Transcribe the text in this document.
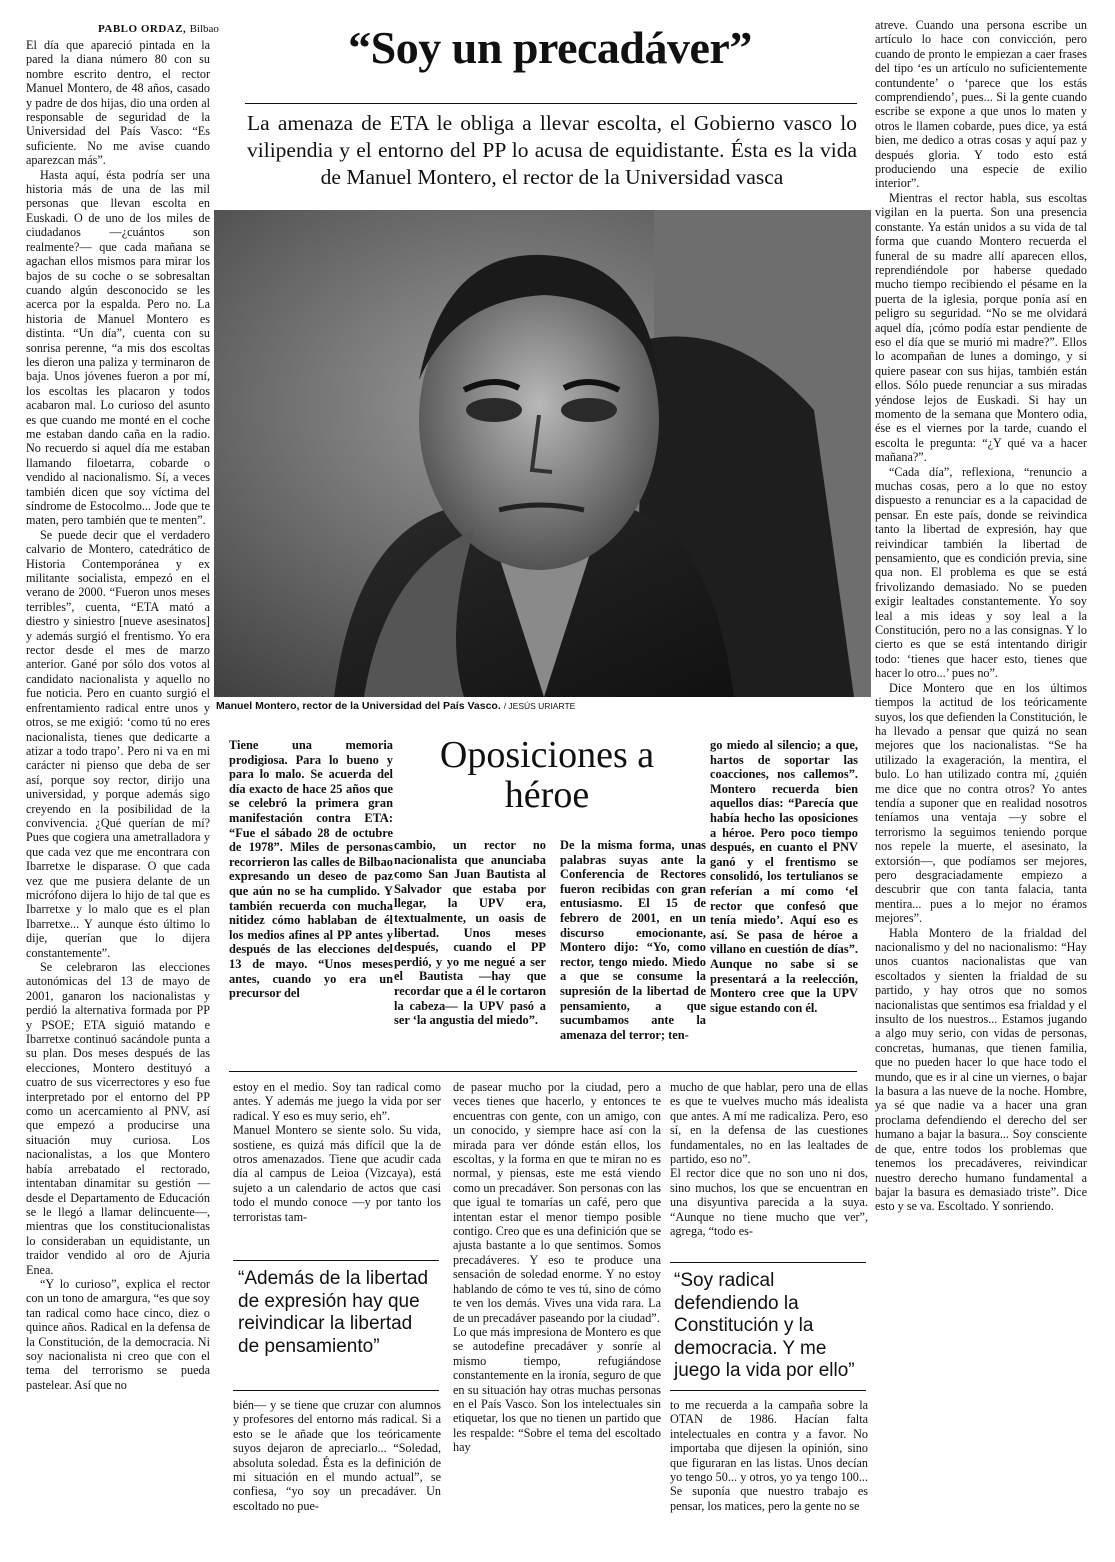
PABLO ORDAZ, Bilbao

El día que apareció pintada en la pared la diana número 80 con su nombre escrito dentro, el rector Manuel Montero, de 48 años, casado y padre de dos hijas, dio una orden al responsable de seguridad de la Universidad del País Vasco: “Es suficiente. No me avise cuando aparezcan más”.

Hasta aquí, ésta podría ser una historia más de una de las mil personas que llevan escolta en Euskadi. O de uno de los miles de ciudadanos —¿cuántos son realmente?— que cada mañana se agachan ellos mismos para mirar los bajos de su coche o se sobresaltan cuando algún desconocido se les acerca por la espalda. Pero no. La historia de Manuel Montero es distinta. “Un día”, cuenta con su sonrisa perenne, “a mis dos escoltas les dieron una paliza y terminaron de baja. Unos jóvenes fueron a por mí, los escoltas les placaron y todos acabaron mal. Lo curioso del asunto es que cuando me monté en el coche me estaban dando caña en la radio. No recuerdo si aquel día me estaban llamando filoetarra, cobarde o vendido al nacionalismo. Sí, a veces también dicen que soy víctima del síndrome de Estocolmo... Jode que te maten, pero también que te menten”.

Se puede decir que el verdadero calvario de Montero, catedrático de Historia Contemporánea y ex militante socialista, empezó en el verano de 2000. “Fueron unos meses terribles”, cuenta, “ETA mató a diestro y siniestro [nueve asesinatos] y además surgió el frentismo. Yo era rector desde el mes de marzo anterior. Gané por sólo dos votos al candidato nacionalista y aquello no fue noticia. Pero en cuanto surgió el enfrentamiento radical entre unos y otros, se me exigió: ‘como tú no eres nacionalista, tienes que dedicarte a atizar a todo trapo’. Pero ni va en mi carácter ni pienso que deba de ser así, porque soy rector, dirijo una universidad, y porque además sigo creyendo en la posibilidad de la convivencia. ¿Qué querían de mí? Pues que cogiera una ametralladora y que cada vez que me encontrara con Ibarretxe le disparase. O que cada vez que me pusiera delante de un micrófono dijera lo hijo de tal que es Ibarretxe y lo malo que es el plan Ibarretxe... Y aunque ésto último lo dije, querían que lo dijera constantemente”.

Se celebraron las elecciones autonómicas del 13 de mayo de 2001, ganaron los nacionalistas y perdió la alternativa formada por PP y PSOE; ETA siguió matando e Ibarretxe continuó sacándole punta a su plan. Dos meses después de las elecciones, Montero destituyó a cuatro de sus vicerrectores y eso fue interpretado por el entorno del PP como un acercamiento al PNV, así que empezó a producirse una situación muy curiosa. Los nacionalistas, a los que Montero había arrebatado el rectorado, intentaban dinamitar su gestión —desde el Departamento de Educación se le llegó a llamar delincuente—, mientras que los constitucionalistas lo consideraban un equidistante, un traidor vendido al oro de Ajuria Enea.

“Y lo curioso”, explica el rector con un tono de amargura, “es que soy tan radical como hace cinco, diez o quince años. Radical en la defensa de la Constitución, de la democracia. Ni soy nacionalista ni creo que con el tema del terrorismo se pueda pastelear. Así que no

“Soy un precadáver”
La amenaza de ETA le obliga a llevar escolta, el Gobierno vasco lo vilipendia y el entorno del PP lo acusa de equidistante. Ésta es la vida de Manuel Montero, el rector de la Universidad vasca
Manuel Montero, rector de la Universidad del País Vasco. / JESÚS URIARTE

atreve. Cuando una persona escribe un artículo lo hace con convicción, pero cuando de pronto le empiezan a caer frases del tipo ‘es un artículo no suficientemente contundente’ o ‘parece que los estás comprendiendo’, pues... Si la gente cuando escribe se expone a que unos lo maten y otros le llamen cobarde, pues dice, ya está bien, me dedico a otras cosas y aquí paz y después gloria. Y todo esto está produciendo una especie de exilio interior”.

Mientras el rector habla, sus escoltas vigilan en la puerta. Son una presencia constante. Ya están unidos a su vida de tal forma que cuando Montero recuerda el funeral de su madre allí aparecen ellos, reprendiéndole por haberse quedado mucho tiempo recibiendo el pésame en la puerta de la iglesia, porque ponía así en peligro su seguridad. “No se me olvidará aquel día, ¡cómo podía estar pendiente de eso el día que se murió mi madre?”. Ellos lo acompañan de lunes a domingo, y si quiere pasear con sus hijas, también están ellos. Sólo puede renunciar a sus miradas yéndose lejos de Euskadi. Si hay un momento de la semana que Montero odia, ése es el viernes por la tarde, cuando el escolta le pregunta: “¿Y qué va a hacer mañana?”.

“Cada día”, reflexiona, “renuncio a muchas cosas, pero a lo que no estoy dispuesto a renunciar es a la capacidad de pensar. En este país, donde se reivindica tanto la libertad de expresión, hay que reivindicar también la libertad de pensamiento, que es condición previa, sine qua non. El problema es que se está frivolizando demasiado. No se pueden exigir lealtades constantemente. Yo soy leal a mis ideas y soy leal a la Constitución, pero no a las consignas. Y lo cierto es que se está intentando dirigir todo: ‘tienes que hacer esto, tienes que hacer lo otro...’ pues no”.

Dice Montero que en los últimos tiempos la actitud de los teóricamente suyos, los que defienden la Constitución, le ha llevado a pensar que quizá no sean mejores que los nacionalistas. “Se ha utilizado la exageración, la mentira, el bulo. Lo han utilizado contra mí, ¿quién me dice que no contra otros? Yo antes tendía a suponer que en realidad nosotros teníamos una ventaja —y sobre el terrorismo la seguimos teniendo porque nos repele la muerte, el asesinato, la extorsión—, que podíamos ser mejores, pero desgraciadamente empiezo a descubrir que con tanta falacia, tanta mentira... pues a lo mejor no éramos mejores”.

Habla Montero de la frialdad del nacionalismo y del no nacionalismo: “Hay unos cuantos nacionalistas que van escoltados y sienten la frialdad de su partido, y hay otros que no somos nacionalistas que sentimos esa frialdad y el insulto de los nuestros... Estamos jugando a algo muy serio, con vidas de personas, concretas, humanas, que tienen familia, que no pueden hacer lo que hace todo el mundo, que es ir al cine un viernes, o bajar la basura a las nueve de la noche. Hombre, ya sé que nadie va a hacer una gran proclama defendiendo el derecho del ser humano a bajar la basura... Soy consciente de que, entre todos los problemas que tenemos los precadáveres, reivindicar nuestro derecho humano fundamental a bajar la basura es demasiado triste”. Dice esto y se va. Escoltado. Y sonriendo.

Oposiciones a héroe

Tiene una memoria prodigiosa. Para lo bueno y para lo malo. Se acuerda del día exacto de hace 25 años que se celebró la primera gran manifestación contra ETA: “Fue el sábado 28 de octubre de 1978”. Miles de personas recorrieron las calles de Bilbao expresando un deseo de paz que aún no se ha cumplido. Y también recuerda con mucha nitidez cómo hablaban de él los medios afines al PP antes y después de las elecciones del 13 de mayo. “Unos meses antes, cuando yo era un precursor del

cambio, un rector no nacionalista que anunciaba como San Juan Bautista al Salvador que estaba por llegar, la UPV era, textualmente, un oasis de libertad. Unos meses después, cuando el PP perdió, y yo me negué a ser el Bautista —hay que recordar que a él le cortaron la cabeza— la UPV pasó a ser ‘la angustia del miedo”.

De la misma forma, unas palabras suyas ante la Conferencia de Rectores fueron recibidas con gran entusiasmo. El 15 de febrero de 2001, en un discurso emocionante, Montero dijo: “Yo, como rector, tengo miedo. Miedo a que se consume la supresión de la libertad de pensamiento, a que sucumbamos ante la amenaza del terror; ten-

go miedo al silencio; a que, hartos de soportar las coacciones, nos callemos”. Montero recuerda bien aquellos días: “Parecía que había hecho las oposiciones a héroe. Pero poco tiempo después, en cuanto el PNV ganó y el frentismo se consolidó, los tertulianos se referían a mí como ‘el rector que confesó que tenía miedo’. Aquí eso es así. Se pasa de héroe a villano en cuestión de días”. Aunque no sabe si se presentará a la reelección, Montero cree que la UPV sigue estando con él.

estoy en el medio. Soy tan radical como antes. Y además me juego la vida por ser radical. Y eso es muy serio, eh”.
Manuel Montero se siente solo. Su vida, sostiene, es quizá más difícil que la de otros amenazados. Tiene que acudir cada día al campus de Leioa (Vizcaya), está sujeto a un calendario de actos que casi todo el mundo conoce —y por tanto los terroristas tam-

“Además de la libertad de expresión hay que reivindicar la libertad de pensamiento”

bién— y se tiene que cruzar con alumnos y profesores del entorno más radical. Si a esto se le añade que los teóricamente suyos dejaron de apreciarlo... “Soledad, absoluta soledad. Ésta es la definición de mi situación en el mundo actual”, se confiesa, “yo soy un precadáver. Un escoltado no pue-

de pasear mucho por la ciudad, pero a veces tienes que hacerlo, y entonces te encuentras con gente, con un amigo, con un conocido, y siempre hace así con la mirada para ver dónde están ellos, los escoltas, y la forma en que te miran no es normal, y piensas, este me está viendo como un precadáver. Son personas con las que igual te tomarías un café, pero que intentan estar el menor tiempo posible contigo. Creo que es una definición que se ajusta bastante a lo que sentimos. Somos precadáveres. Y eso te produce una sensación de soledad enorme. Y no estoy hablando de cómo te ves tú, sino de cómo te ven los demás. Vives una vida rara. La de un precadáver paseando por la ciudad”.
Lo que más impresiona de Montero es que se autodefine precadáver y sonríe al mismo tiempo, refugiándose constantemente en la ironía, seguro de que en su situación hay otras muchas personas en el País Vasco. Son los intelectuales sin etiquetar, los que no tienen un partido que les respalde: “Sobre el tema del escoltado hay

mucho de que hablar, pero una de ellas es que te vuelves mucho más idealista que antes. A mí me radicaliza. Pero, eso sí, en la defensa de las cuestiones fundamentales, no en las lealtades de partido, eso no”.
El rector dice que no son uno ni dos, sino muchos, los que se encuentran en una disyuntiva parecida a la suya. “Aunque no tiene mucho que ver”, agrega, “todo es-

“Soy radical defendiendo la Constitución y la democracia. Y me juego la vida por ello”

to me recuerda a la campaña sobre la OTAN de 1986. Hacían falta intelectuales en contra y a favor. No importaba que dijesen la opinión, sino que figuraran en las listas. Unos decían yo tengo 50... y otros, yo ya tengo 100... Se suponía que nuestro trabajo es pensar, los matices, pero la gente no se
